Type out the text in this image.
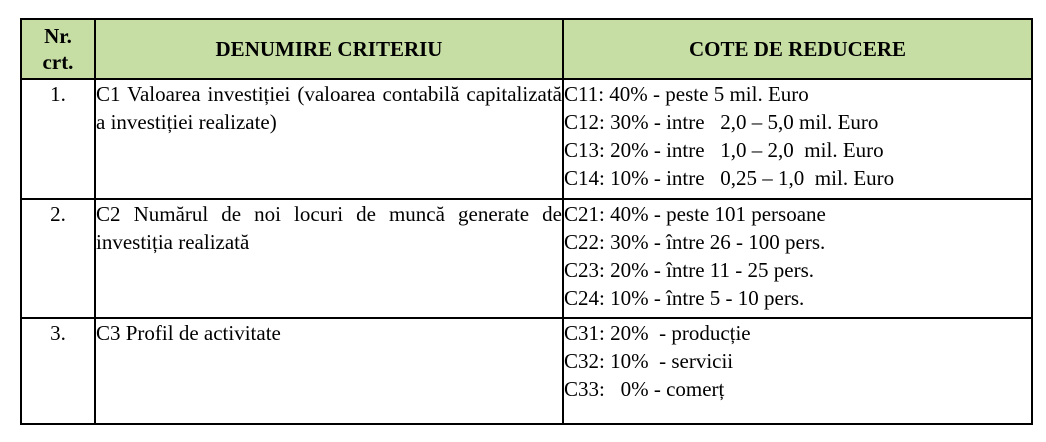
Nr.
crt.	DENUMIRE CRITERIU	COTE DE REDUCERE
1.	C1 Valoarea investiției (valoarea contabilă capitalizată a investiției realizate)	C11: 40% - peste 5 mil. Euro
C12: 30% - intre   2,0 – 5,0 mil. Euro
C13: 20% - intre   1,0 – 2,0  mil. Euro
C14: 10% - intre   0,25 – 1,0  mil. Euro

2.	C2 Numărul de noi locuri de muncă generate de investiția realizată	C21: 40% - peste 101 persoane
C22: 30% - între 26 - 100 pers.
C23: 20% - între 11 - 25 pers.
C24: 10% - între 5 - 10 pers.

3.	C3 Profil de activitate	C31: 20%  - producție
C32: 10%  - servicii
C33:   0% - comerț
